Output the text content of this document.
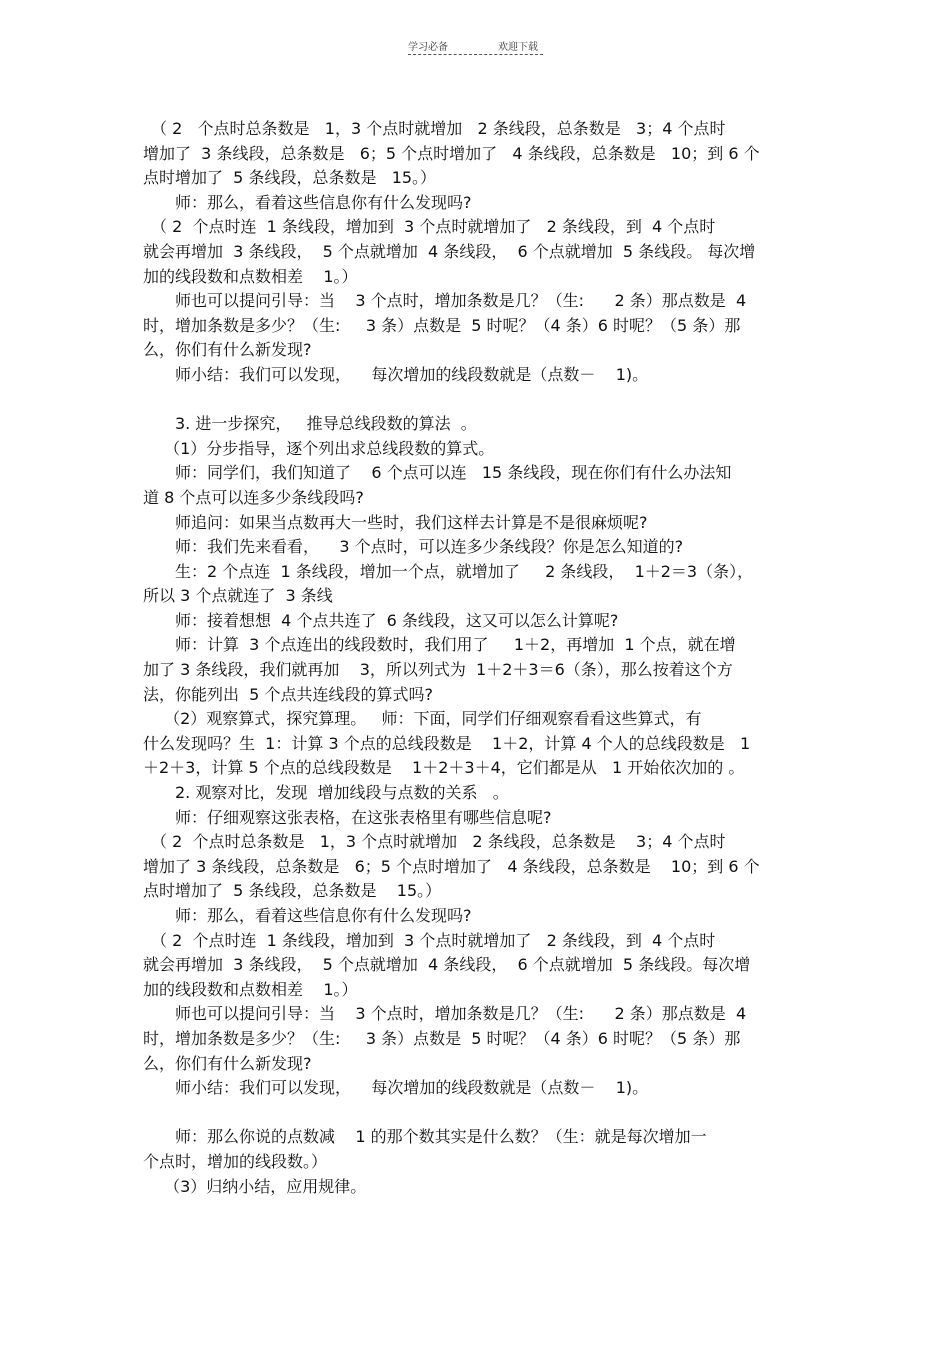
学习必备	欢迎下载
　（ 2   个点时总条数是   1，3 个点时就增加   2 条线段，总条数是   3；4 个点时
增加了  3 条线段，总条数是   6；5 个点时增加了   4 条线段，总条数是   10；到 6 个
点时增加了  5 条线段，总条数是   15。）
　　师：那么，看着这些信息你有什么发现吗?
　（ 2  个点时连  1 条线段，增加到  3 个点时就增加了   2 条线段，到  4 个点时
就会再增加  3 条线段，  5 个点就增加  4 条线段，  6 个点就增加  5 条线段。 每次增
加的线段数和点数相差    1。）
　　师也可以提问引导：当    3 个点时，增加条数是几？（生:      2 条）那点数是  4
时，增加条数是多少？（生:     3 条）点数是  5 时呢？（4 条）6 时呢？（5 条）那
么，你们有什么新发现?
　　师小结：我们可以发现，    每次增加的线段数就是（点数－    1)。
　　3. 进一步探究，   推导总线段数的算法  。
　 （1）分步指导，逐个列出求总线段数的算式。
　　师：同学们，我们知道了    6 个点可以连   15 条线段，现在你们有什么办法知
道 8 个点可以连多少条线段吗?
　　师追问：如果当点数再大一些时，我们这样去计算是不是很麻烦呢?
　　师：我们先来看看，    3 个点时，可以连多少条线段？你是怎么知道的?
　　生：2 个点连  1 条线段，增加一个点，就增加了     2 条线段，  1＋2＝3（条），
所以 3 个点就连了  3 条线
　　师：接着想想  4 个点共连了  6 条线段，这又可以怎么计算呢?
　　师：计算  3 个点连出的线段数时，我们用了     1＋2，再增加  1 个点，就在增
加了 3 条线段，我们就再加    3，所以列式为  1＋2＋3＝6（条），那么按着这个方
法，你能列出  5 个点共连线段的算式吗?
　 （2）观察算式，探究算理。   师：下面，同学们仔细观察看看这些算式，有
什么发现吗？生  1：计算 3 个点的总线段数是    1＋2，计算 4 个人的总线段数是   1
＋2＋3，计算 5 个点的总线段数是    1＋2＋3＋4，它们都是从   1 开始依次加的 。
　　2. 观察对比，发现  增加线段与点数的关系   。
　　师：仔细观察这张表格，在这张表格里有哪些信息呢?
　（ 2  个点时总条数是   1，3 个点时就增加   2 条线段，总条数是    3；4 个点时
增加了 3 条线段，总条数是   6；5 个点时增加了   4 条线段，总条数是    10；到 6 个
点时增加了  5 条线段，总条数是    15。）
　　师：那么，看着这些信息你有什么发现吗?
　（ 2  个点时连  1 条线段，增加到  3 个点时就增加了   2 条线段，到  4 个点时
就会再增加  3 条线段，  5 个点就增加  4 条线段，  6 个点就增加  5 条线段。每次增
加的线段数和点数相差    1。）
　　师也可以提问引导：当    3 个点时，增加条数是几？（生:      2 条）那点数是  4
时，增加条数是多少？（生:     3 条）点数是  5 时呢？（4 条）6 时呢？（5 条）那
么，你们有什么新发现?
　　师小结：我们可以发现，    每次增加的线段数就是（点数－    1)。
　　师：那么你说的点数减    1 的那个数其实是什么数？（生：就是每次增加一
个点时，增加的线段数。）
　 （3）归纳小结，应用规律。
